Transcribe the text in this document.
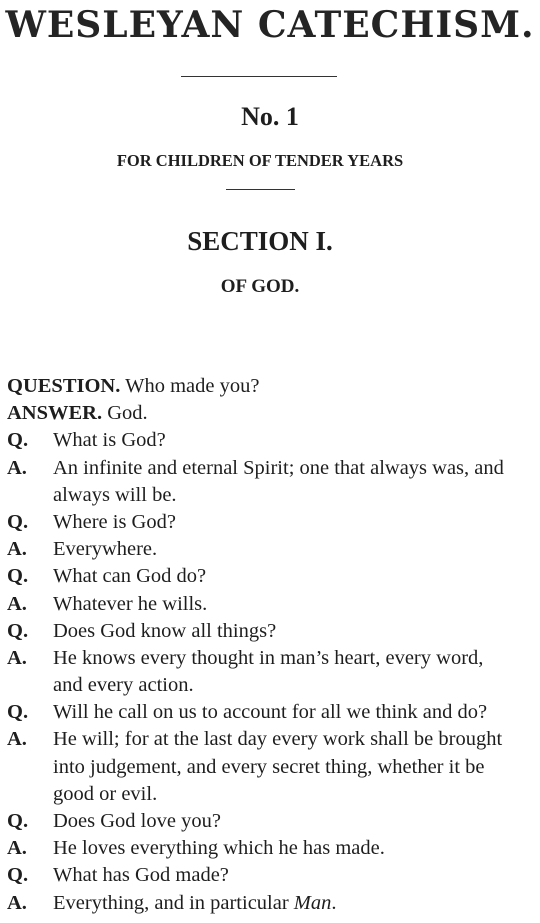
WESLEYAN CATECHISM.
No. 1
FOR CHILDREN OF TENDER YEARS
SECTION I.
OF GOD.
QUESTION. Who made you?
ANSWER. God.
Q. What is God?
A. An infinite and eternal Spirit; one that always was, and
always will be.
Q. Where is God?
A. Everywhere.
Q. What can God do?
A. Whatever he wills.
Q. Does God know all things?
A. He knows every thought in man’s heart, every word,
and every action.
Q. Will he call on us to account for all we think and do?
A. He will; for at the last day every work shall be brought
into judgement, and every secret thing, whether it be
good or evil.
Q. Does God love you?
A. He loves everything which he has made.
Q. What has God made?
A. Everything, and in particular Man.
